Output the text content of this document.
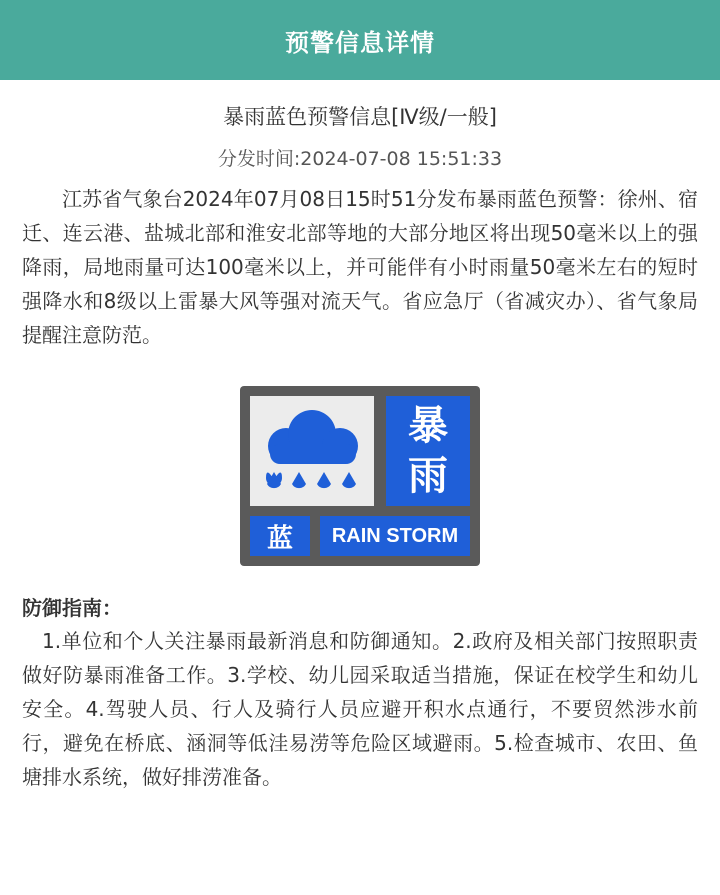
预警信息详情
暴雨蓝色预警信息[Ⅳ级/一般]
分发时间:2024-07-08 15:51:33
江苏省气象台2024年07月08日15时51分发布暴雨蓝色预警：徐州、宿迁、连云港、盐城北部和淮安北部等地的大部分地区将出现50毫米以上的强降雨，局地雨量可达100毫米以上，并可能伴有小时雨量50毫米左右的短时强降水和8级以上雷暴大风等强对流天气。省应急厅（省减灾办）、省气象局提醒注意防范。
暴
雨
蓝	RAIN STORM
防御指南：
1.单位和个人关注暴雨最新消息和防御通知。2.政府及相关部门按照职责做好防暴雨准备工作。3.学校、幼儿园采取适当措施，保证在校学生和幼儿安全。4.驾驶人员、行人及骑行人员应避开积水点通行，不要贸然涉水前行，避免在桥底、涵洞等低洼易涝等危险区域避雨。5.检查城市、农田、鱼塘排水系统，做好排涝准备。
